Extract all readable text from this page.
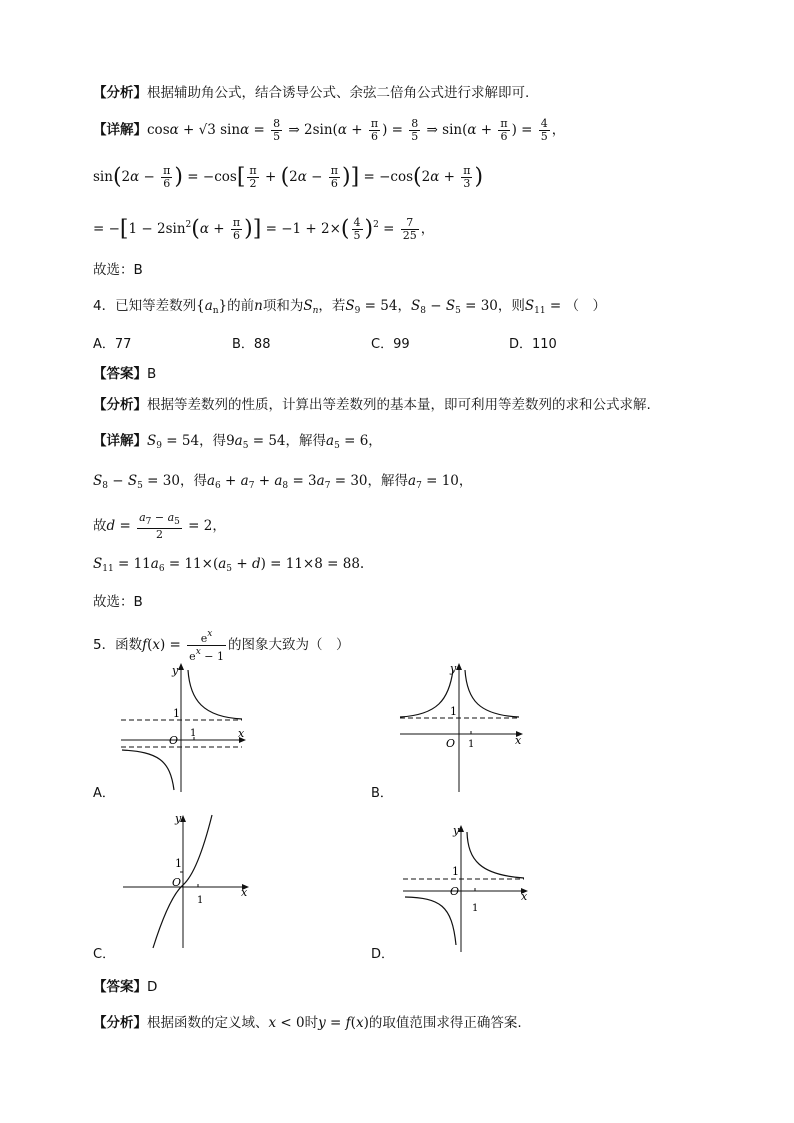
【分析】根据辅助角公式，结合诱导公式、余弦二倍角公式进行求解即可.
【详解】cosα + √3 $\sin\alpha = \frac{8}{5}$ ⇒ $2\sin(\alpha + \frac{\pi}{6}$ ) = $\frac{8}{5}$ ⇒ $\sin(\alpha + \frac{\pi}{6}$ ) = $\frac{4}{5}$ ，
$\sin(2\alpha - \frac{\pi}{6}$ ) = $-\cos[ \frac{\pi}{2} + (2\alpha - \frac{\pi}{6}$ )] = $-\cos(2\alpha + \frac{\pi}{3}$ )
= $-[1 - 2\sin^2(\alpha + \frac{\pi}{6}$ )] = $-1 + 2\times( \frac{4}{5} )^2 = \frac{7}{25}$ ，
故选：B
4．已知等差数列$\{a_n\}$的前n项和为$S_n$，若$S_9 = 54$，$S_8 - S_5 = 30$，则$S_{11}$ = （　）
A．77	B．88	C．99	D．110
【答案】B
【分析】根据等差数列的性质，计算出等差数列的基本量，即可利用等差数列的求和公式求解.
【详解】$S_9 = 54$，得$9a_5 = 54$，解得$a_5 = 6$，
$S_8 - S_5 = 30$，得$a_6 + a_7 + a_8 = 3a_7 = 30$，解得$a_7 = 10$，
故$d = \frac{a_7 - a_5}{2} = 2$，
$S_{11} = 11a_6 = 11\times(a_5 + d) = 11\times 8 = 88$.
故选：B
5．函数$f(x) = \frac{e^x}{e^x - 1}$ 的图象大致为（　）
1
O
1	x
y
A．
1
O 1	x
y
B．
1
O
1
x
y
C．
1
O
1
x
y
D．
【答案】D
【分析】根据函数的定义域、x < 0时y = f(x)的取值范围求得正确答案.
